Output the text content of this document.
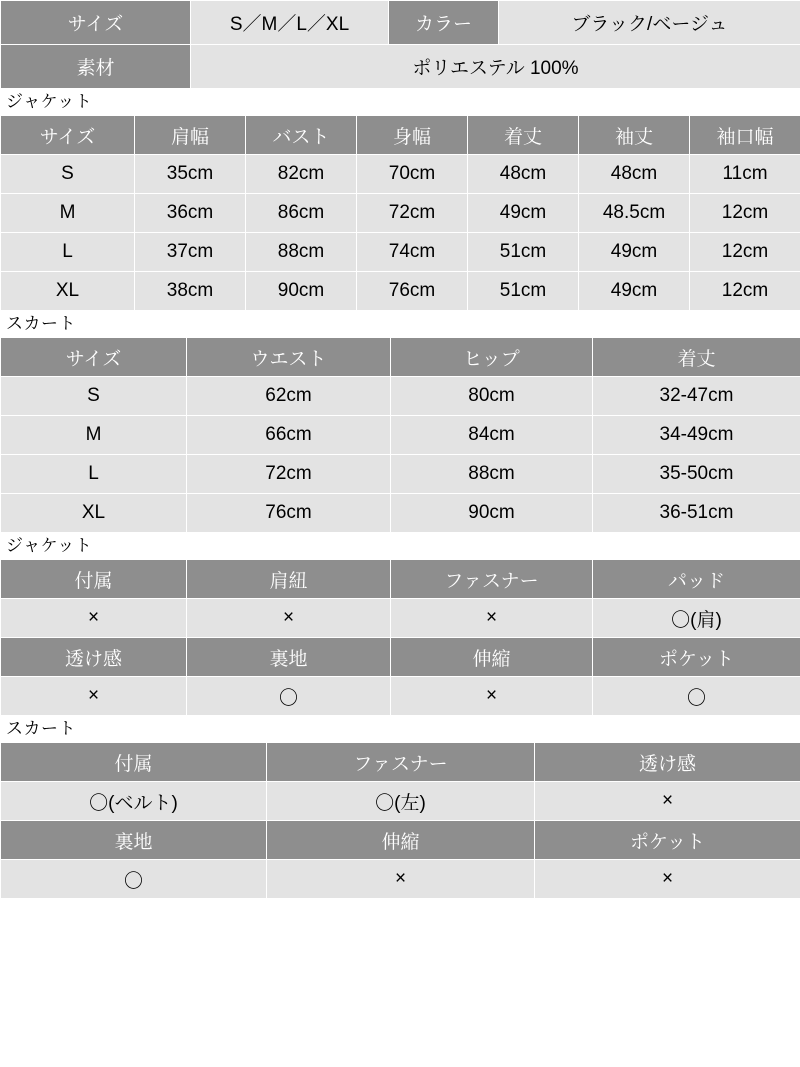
サイズ	S／M／L／XL	カラー	ブラック/ベージュ
素材	ポリエステル 100%		
ジャケット
サイズ	肩幅	バスト	身幅	着丈	袖丈	袖口幅
S	35cm	82cm	70cm	48cm	48cm	11cm
M	36cm	86cm	72cm	49cm	48.5cm	12cm
L	37cm	88cm	74cm	51cm	49cm	12cm
XL	38cm	90cm	76cm	51cm	49cm	12cm
スカート
サイズ	ウエスト	ヒップ	着丈
S	62cm	80cm	32-47cm
M	66cm	84cm	34-49cm
L	72cm	88cm	35-50cm
XL	76cm	90cm	36-51cm
ジャケット
付属	肩紐	ファスナー	パッド
×	×	×	〇(肩)
透け感	裏地	伸縮	ポケット
×	〇	×	〇
スカート
付属	ファスナー	透け感
〇(ベルト)	〇(左)	×
裏地	伸縮	ポケット
〇	×	×
